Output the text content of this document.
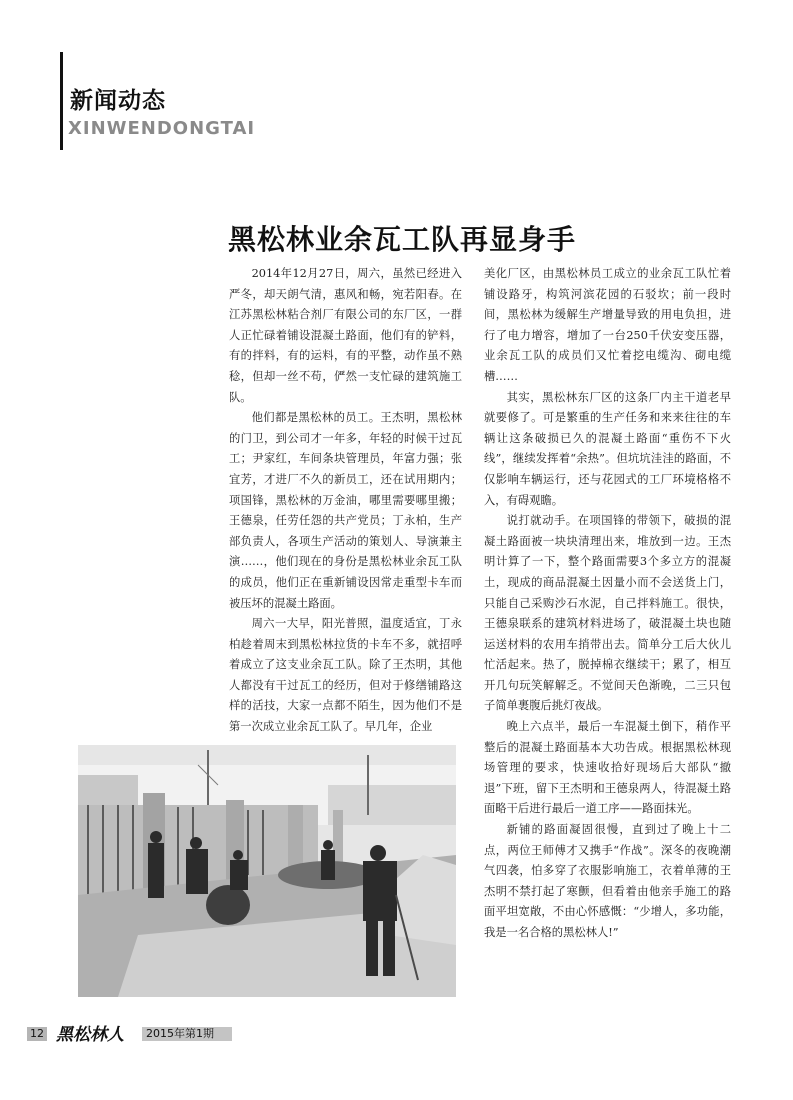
新闻动态
XINWENDONGTAI
黑松林业余瓦工队再显身手

2014年12月27日，周六，虽然已经进入严冬，却天朗气清，惠风和畅，宛若阳春。在江苏黑松林粘合剂厂有限公司的东厂区，一群人正忙碌着铺设混凝土路面，他们有的铲料，有的拌料，有的运料，有的平整，动作虽不熟稔，但却一丝不苟，俨然一支忙碌的建筑施工队。

他们都是黑松林的员工。王杰明，黑松林的门卫，到公司才一年多，年轻的时候干过瓦工；尹家红，车间条块管理员，年富力强；张宜芳，才进厂不久的新员工，还在试用期内；项国锋，黑松林的万金油，哪里需要哪里搬；王德泉，任劳任怨的共产党员；丁永柏，生产部负责人，各项生产活动的策划人、导演兼主演……，他们现在的身份是黑松林业余瓦工队的成员，他们正在重新铺设因常走重型卡车而被压坏的混凝土路面。

周六一大早，阳光普照，温度适宜，丁永柏趁着周末到黑松林拉货的卡车不多，就招呼着成立了这支业余瓦工队。除了王杰明，其他人都没有干过瓦工的经历，但对于修缮铺路这样的活技，大家一点都不陌生，因为他们不是第一次成立业余瓦工队了。早几年，企业

美化厂区，由黑松林员工成立的业余瓦工队忙着铺设路牙，构筑河滨花园的石驳坎；前一段时间，黑松林为缓解生产增量导致的用电负担，进行了电力增容，增加了一台250千伏安变压器，业余瓦工队的成员们又忙着挖电缆沟、砌电缆槽……

其实，黑松林东厂区的这条厂内主干道老早就要修了。可是繁重的生产任务和来来往往的车辆让这条破损已久的混凝土路面“重伤不下火线”，继续发挥着“余热”。但坑坑洼洼的路面，不仅影响车辆运行，还与花园式的工厂环境格格不入，有碍观瞻。

说打就动手。在项国锋的带领下，破损的混凝土路面被一块块清理出来，堆放到一边。王杰明计算了一下，整个路面需要3个多立方的混凝土，现成的商品混凝土因量小而不会送货上门，只能自己采购沙石水泥，自己拌料施工。很快，王德泉联系的建筑材料进场了，破混凝土块也随运送材料的农用车捎带出去。简单分工后大伙儿忙活起来。热了，脱掉棉衣继续干；累了，相互开几句玩笑解解乏。不觉间天色渐晚，二三只包子简单裹腹后挑灯夜战。

晚上六点半，最后一车混凝土倒下，稍作平整后的混凝土路面基本大功告成。根据黑松林现场管理的要求，快速收拾好现场后大部队“撤退”下班，留下王杰明和王德泉两人，待混凝土路面略干后进行最后一道工序——路面抹光。

新铺的路面凝固很慢，直到过了晚上十二点，两位王师傅才又携手“作战”。深冬的夜晚潮气四袭，怕多穿了衣服影响施工，衣着单薄的王杰明不禁打起了寒颤，但看着由他亲手施工的路面平坦宽敞，不由心怀感慨：“少增人，多功能，我是一名合格的黑松林人!”

12 黑松林人	2015年第1期
